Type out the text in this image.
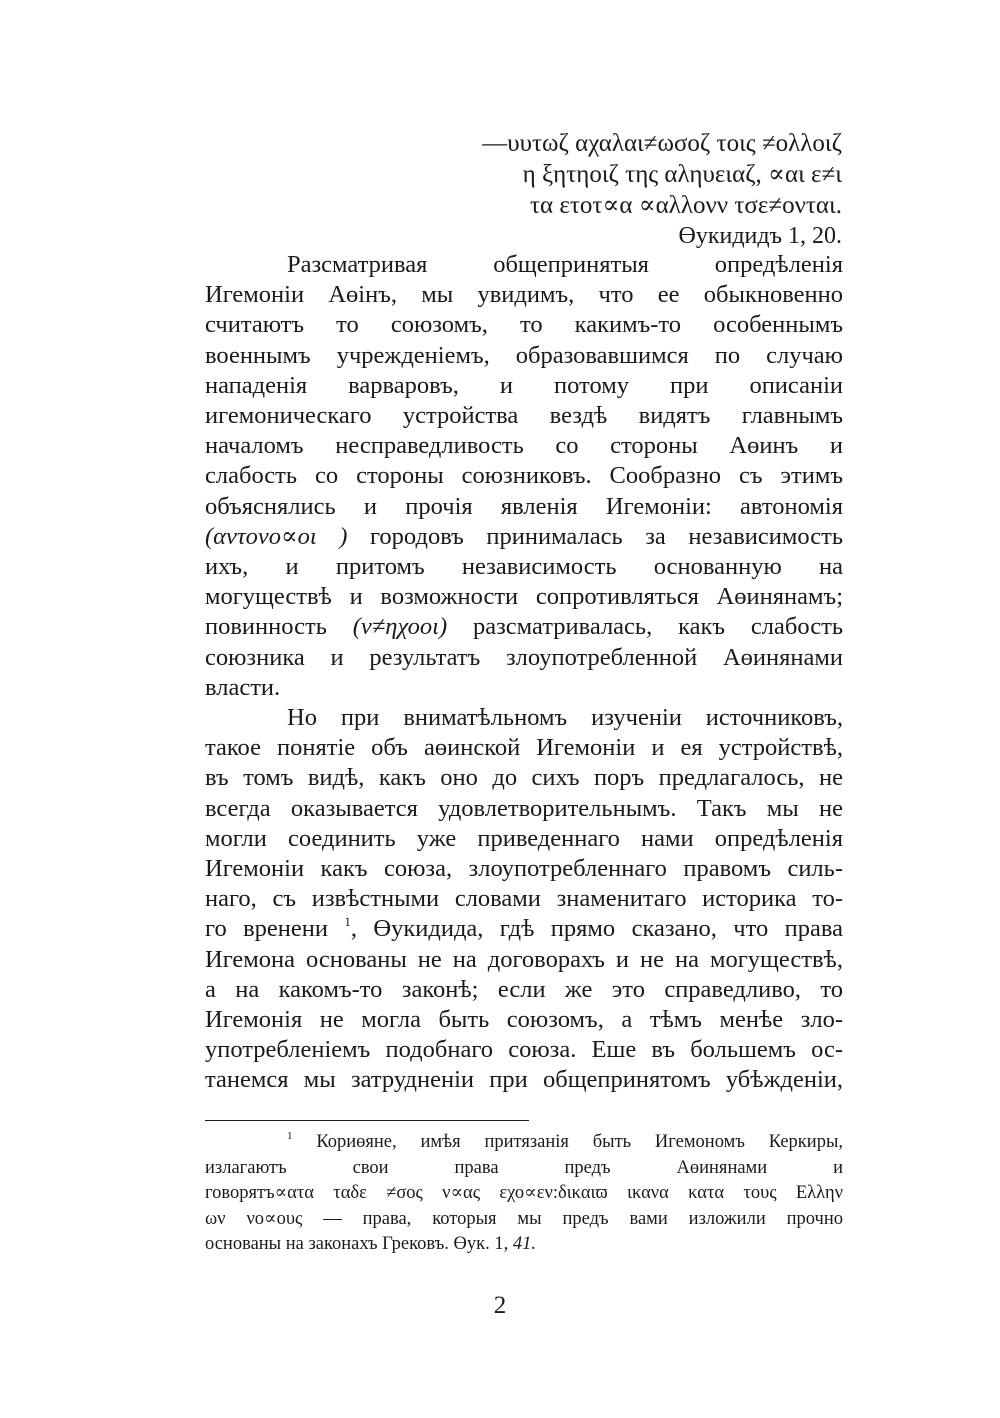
—υυτωζ αχαλαι≠ωσοζ τοις ≠ολλοιζ
η ξητηοιζ της αληυειαζ, ∝αι ε≠ι
τα ετοτ∝α ∝αλλονν τσε≠ονται.
Өукидидъ 1, 20.
Разсматривая общепринятыя опредѣленія
Игемоніи Аөінъ, мы увидимъ, что ее обыкновенно
считаютъ то союзомъ, то какимъ-то особеннымъ
военнымъ учрежденіемъ, образовавшимся по случаю
нападенія варваровъ, и потому при описаніи
игемоническаго устройства вездѣ видятъ главнымъ
началомъ несправедливость со стороны Аөинъ и
слабость со стороны союзниковъ. Сообразно съ этимъ
объяснялись и прочія явленія Игемоніи: автономія
(αντονο∝οι ) городовъ принималась за независимость
ихъ, и притомъ независимость основанную на
могуществѣ и возможности сопротивляться Аөинянамъ;
повинность (ν≠ηχοοι) разсматривалась, какъ слабость
союзника и результатъ злоупотребленной Аөинянами
власти.
Но при вниматѣльномъ изученіи источниковъ,
такое понятіе объ аөинской Игемоніи и ея устройствѣ,
въ томъ видѣ, какъ оно до сихъ поръ предлагалось, не
всегда оказывается удовлетворительнымъ. Такъ мы не
могли соединить уже приведеннаго нами опредѣленія
Игемоніи какъ союза, злоупотребленнаго правомъ силь-
наго, съ извѣстными словами знаменитаго историка то-
го вренени $^1$, Өукидида, гдѣ прямо сказано, что права
Игемона основаны не на договорахъ и не на могуществѣ,
а на какомъ-то законѣ; если же это справедливо, то
Игемонія не могла быть союзомъ, а тѣмъ менѣе зло-
употребленіемъ подобнаго союза. Еше въ большемъ ос-
танемся мы затрудненіи при общепринятомъ убѣжденіи,
$^1$ Кориөяне, имѣя притязанія быть Игемономъ Керкиры,
излагаютъ свои права предъ Аөинянами и
говорятъ∝ατα ταδε ≠σος ν∝ας εχο∝εν:δικαιϖ ικανα κατα τους Ελλην
ων νο∝ους — права, которыя мы предъ вами изложили прочно
основаны на законахъ Грековъ. Өук. 1, 41.
2
